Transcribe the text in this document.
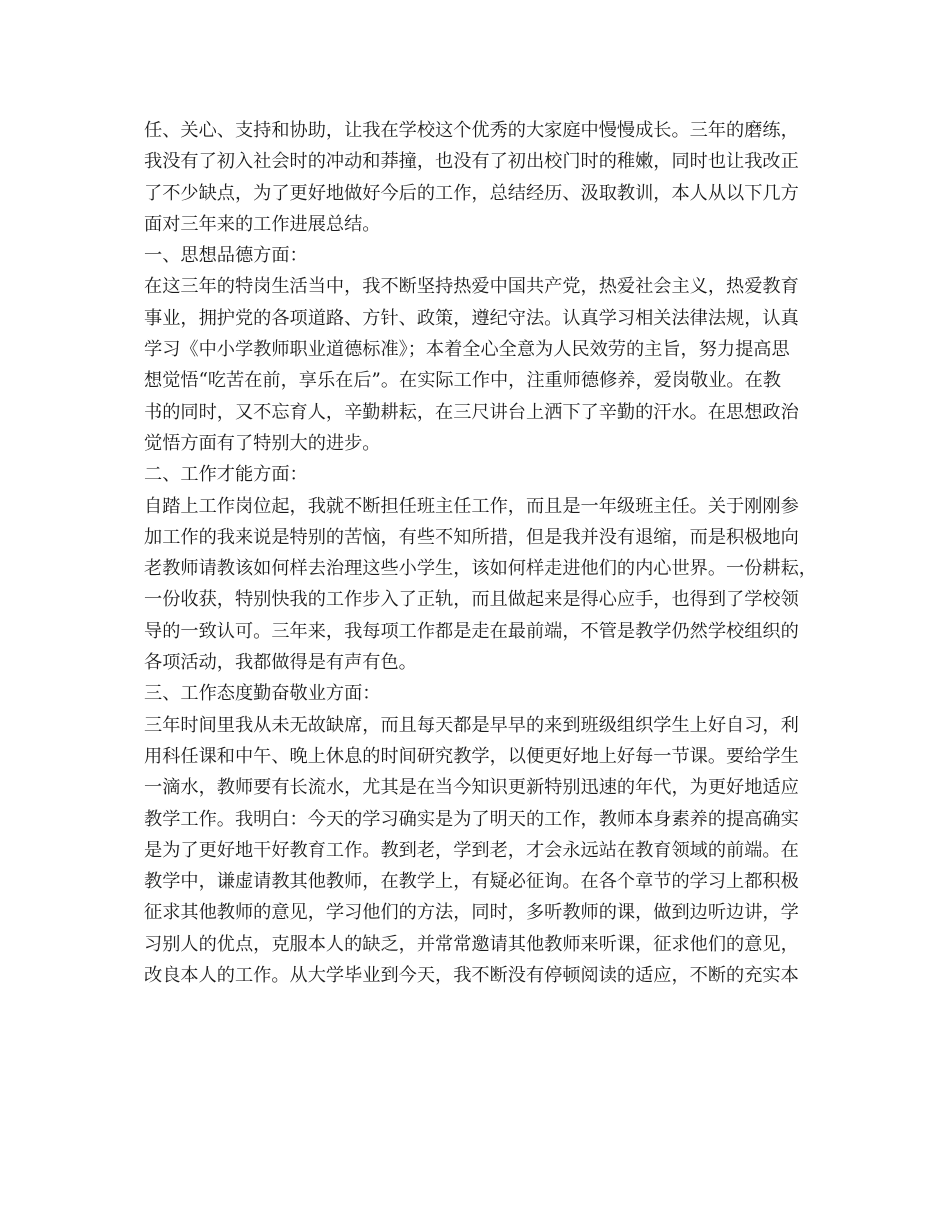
任、关心、支持和协助，让我在学校这个优秀的大家庭中慢慢成长。三年的磨练，
我没有了初入社会时的冲动和莽撞，也没有了初出校门时的稚嫩，同时也让我改正
了不少缺点，为了更好地做好今后的工作，总结经历、汲取教训，本人从以下几方
面对三年来的工作进展总结。
一、思想品德方面：
在这三年的特岗生活当中，我不断坚持热爱中国共产党，热爱社会主义，热爱教育
事业，拥护党的各项道路、方针、政策，遵纪守法。认真学习相关法律法规，认真
学习《中小学教师职业道德标准》；本着全心全意为人民效劳的主旨，努力提高思
想觉悟“吃苦在前，享乐在后”。在实际工作中，注重师德修养，爱岗敬业。在教
书的同时，又不忘育人，辛勤耕耘，在三尺讲台上洒下了辛勤的汗水。在思想政治
觉悟方面有了特别大的进步。
二、工作才能方面：
自踏上工作岗位起，我就不断担任班主任工作，而且是一年级班主任。关于刚刚参
加工作的我来说是特别的苦恼，有些不知所措，但是我并没有退缩，而是积极地向
老教师请教该如何样去治理这些小学生，该如何样走进他们的内心世界。一份耕耘，
一份收获，特别快我的工作步入了正轨，而且做起来是得心应手，也得到了学校领
导的一致认可。三年来，我每项工作都是走在最前端，不管是教学仍然学校组织的
各项活动，我都做得是有声有色。
三、工作态度勤奋敬业方面：
三年时间里我从未无故缺席，而且每天都是早早的来到班级组织学生上好自习，利
用科任课和中午、晚上休息的时间研究教学，以便更好地上好每一节课。要给学生
一滴水，教师要有长流水，尤其是在当今知识更新特别迅速的年代，为更好地适应
教学工作。我明白：今天的学习确实是为了明天的工作，教师本身素养的提高确实
是为了更好地干好教育工作。教到老，学到老，才会永远站在教育领域的前端。在
教学中，谦虚请教其他教师，在教学上，有疑必征询。在各个章节的学习上都积极
征求其他教师的意见，学习他们的方法，同时，多听教师的课，做到边听边讲，学
习别人的优点，克服本人的缺乏，并常常邀请其他教师来听课，征求他们的意见，
改良本人的工作。从大学毕业到今天，我不断没有停顿阅读的适应，不断的充实本
